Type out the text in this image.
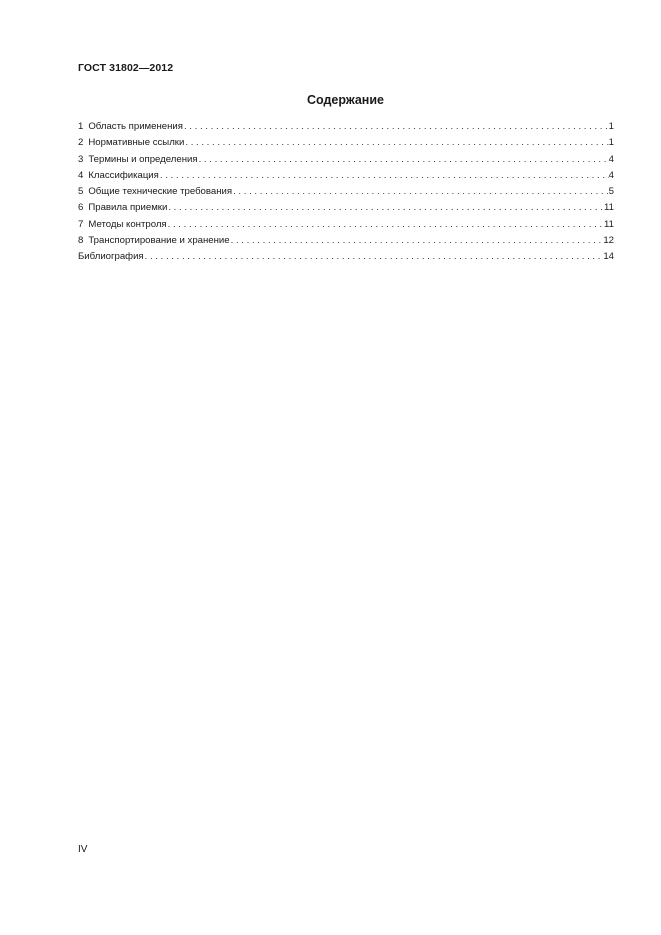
ГОСТ 31802—2012
Содержание
1 Область применения . . .	1
2 Нормативные ссылки . . .	1
3 Термины и определения . . .	4
4 Классификация . . .	4
5 Общие технические требования . . .	5
6 Правила приемки . . .	11
7 Методы контроля . . .	11
8 Транспортирование и хранение . . .	12
Библиография . . .	14
IV
